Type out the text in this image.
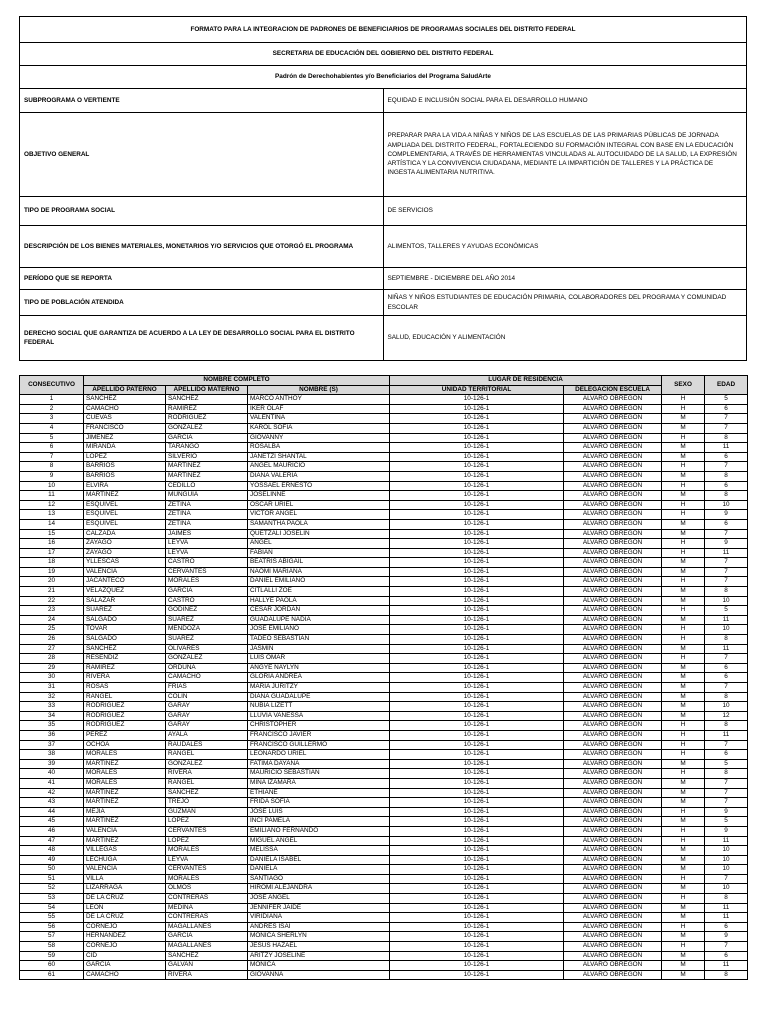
FORMATO PARA LA INTEGRACION DE PADRONES DE BENEFICIARIOS DE PROGRAMAS SOCIALES DEL DISTRITO FEDERAL	
SECRETARIA DE EDUCACIÓN DEL GOBIERNO DEL DISTRITO FEDERAL	
Padrón de Derechohabientes y/o Beneficiarios del Programa SaludArte	
SUBPROGRAMA O VERTIENTE	EQUIDAD E INCLUSIÓN SOCIAL PARA EL DESARROLLO HUMANO
OBJETIVO GENERAL	PREPARAR PARA LA VIDA A NIÑAS Y NIÑOS DE LAS ESCUELAS DE LAS PRIMARIAS PÚBLICAS DE JORNADA AMPLIADA DEL DISTRITO FEDERAL, FORTALECIENDO SU FORMACIÓN INTEGRAL CON BASE EN LA EDUCACIÓN COMPLEMENTARIA, A TRAVÉS DE HERRAMIENTAS VINCULADAS AL AUTOCUIDADO DE LA SALUD, LA EXPRESIÓN ARTÍSTICA Y LA CONVIVENCIA CIUDADANA, MEDIANTE LA IMPARTICIÓN DE TALLERES Y LA PRÁCTICA DE INGESTA ALIMENTARIA NUTRITIVA.
TIPO DE PROGRAMA SOCIAL	DE SERVICIOS
DESCRIPCIÓN DE LOS BIENES MATERIALES, MONETARIOS Y/O SERVICIOS QUE OTORGÓ EL PROGRAMA	ALIMENTOS, TALLERES Y AYUDAS ECONÓMICAS
PERÍODO QUE SE REPORTA	SEPTIEMBRE - DICIEMBRE DEL AÑO 2014
TIPO DE POBLACIÓN ATENDIDA	NIÑAS Y NIÑOS ESTUDIANTES DE EDUCACIÓN PRIMARIA, COLABORADORES DEL PROGRAMA Y COMUNIDAD ESCOLAR
DERECHO SOCIAL QUE GARANTIZA DE ACUERDO A LA LEY DE DESARROLLO SOCIAL PARA EL DISTRITO FEDERAL	SALUD, EDUCACIÓN Y ALIMENTACIÓN
CONSECUTIVO	NOMBRE COMPLETO			LUGAR DE RESIDENCIA		SEXO	EDAD
	APELLIDO PATERNO	APELLIDO MATERNO	NOMBRE (S)	UNIDAD TERRITORIAL	DELEGACION ESCUELA		
1	SANCHEZ	SANCHEZ	MARCO ANTHOY	10-126-1	ALVARO OBREGON	H	5
2	CAMACHO	RAMIREZ	IKER OLAF	10-126-1	ALVARO OBREGON	H	6
3	CUEVAS	RODRIGUEZ	VALENTINA	10-126-1	ALVARO OBREGON	M	7
4	FRANCISCO	GONZALEZ	KAROL SOFIA	10-126-1	ALVARO OBREGON	M	7
5	JIMENEZ	GARCIA	GIOVANNY	10-126-1	ALVARO OBREGON	H	8
6	MIRANDA	TARANGO	ROSALBA	10-126-1	ALVARO OBREGON	M	11
7	LOPEZ	SILVERIO	JANETZI SHANTAL	10-126-1	ALVARO OBREGON	M	6
8	BARRIOS	MARTINEZ	ANGEL MAURICIO	10-126-1	ALVARO OBREGON	H	7
9	BARRIOS	MARTINEZ	DIANA VALERIA	10-126-1	ALVARO OBREGON	M	8
10	ELVIRA	CEDILLO	YOSSAEL ERNESTO	10-126-1	ALVARO OBREGON	H	6
11	MARTINEZ	MUNGUIA	JOSELINNE	10-126-1	ALVARO OBREGON	M	8
12	ESQUIVEL	ZETINA	OSCAR URIEL	10-126-1	ALVARO OBREGON	H	10
13	ESQUIVEL	ZETINA	VICTOR ANGEL	10-126-1	ALVARO OBREGON	H	9
14	ESQUIVEL	ZETINA	SAMANTHA PAOLA	10-126-1	ALVARO OBREGON	M	6
15	CALZADA	JAIMES	QUETZALI JOSELIN	10-126-1	ALVARO OBREGON	M	7
16	ZAYAGO	LEYVA	ANGEL	10-126-1	ALVARO OBREGON	H	9
17	ZAYAGO	LEYVA	FABIAN	10-126-1	ALVARO OBREGON	H	11
18	YLLESCAS	CASTRO	BEATRIS ABIGAIL	10-126-1	ALVARO OBREGON	M	7
19	VALENCIA	CERVANTES	NAOMI MARIANA	10-126-1	ALVARO OBREGON	M	7
20	JACANTECO	MORALES	DANIEL EMILIANO	10-126-1	ALVARO OBREGON	H	7
21	VELAZQUEZ	GARCIA	CITLALLI ZOE	10-126-1	ALVARO OBREGON	M	8
22	SALAZAR	CASTRO	HALLYE PAOLA	10-126-1	ALVARO OBREGON	M	10
23	SUAREZ	GODINEZ	CESAR JORDAN	10-126-1	ALVARO OBREGON	H	5
24	SALGADO	SUAREZ	GUADALUPE NADIA	10-126-1	ALVARO OBREGON	M	11
25	TOVAR	MENDOZA	JOSE EMILIANO	10-126-1	ALVARO OBREGON	H	10
26	SALGADO	SUAREZ	TADEO SEBASTIAN	10-126-1	ALVARO OBREGON	H	8
27	SANCHEZ	OLIVARES	JASMIN	10-126-1	ALVARO OBREGON	M	11
28	RESENDIZ	GONZALEZ	LUIS OMAR	10-126-1	ALVARO OBREGON	H	7
29	RAMIREZ	ORDUÑA	ANGYE NAYLYN	10-126-1	ALVARO OBREGON	M	6
30	RIVERA	CAMACHO	GLORIA ANDREA	10-126-1	ALVARO OBREGON	M	6
31	ROSAS	FRIAS	MARIA JURITZY	10-126-1	ALVARO OBREGON	M	7
32	RANGEL	COLIN	DIANA GUADALUPE	10-126-1	ALVARO OBREGON	M	8
33	RODRIGUEZ	GARAY	NUBIA LIZETT	10-126-1	ALVARO OBREGON	M	10
34	RODRIGUEZ	GARAY	LLUVIA VANESSA	10-126-1	ALVARO OBREGON	M	12
35	RODRIGUEZ	GARAY	CHRISTOPHER	10-126-1	ALVARO OBREGON	H	8
36	PEREZ	AYALA	FRANCISCO JAVIER	10-126-1	ALVARO OBREGON	H	11
37	OCHOA	RAUDALES	FRANCISCO GUILLERMO	10-126-1	ALVARO OBREGON	H	7
38	MORALES	RANGEL	LEONARDO URIEL	10-126-1	ALVARO OBREGON	H	6
39	MARTINEZ	GONZALEZ	FATIMA DAYANA	10-126-1	ALVARO OBREGON	M	5
40	MORALES	RIVERA	MAURICIO SEBASTIAN	10-126-1	ALVARO OBREGON	H	8
41	MORALES	RANGEL	MINA IZAMARA	10-126-1	ALVARO OBREGON	M	7
42	MARTINEZ	SANCHEZ	ETHIANE	10-126-1	ALVARO OBREGON	M	7
43	MARTINEZ	TREJO	FRIDA SOFIA	10-126-1	ALVARO OBREGON	M	7
44	MEJIA	GUZMAN	JOSE LUIS	10-126-1	ALVARO OBREGON	H	9
45	MARTINEZ	LOPEZ	INCI PAMELA	10-126-1	ALVARO OBREGON	M	5
46	VALENCIA	CERVANTES	EMILIANO FERNANDO	10-126-1	ALVARO OBREGON	H	9
47	MARTINEZ	LOPEZ	MIGUEL ANGEL	10-126-1	ALVARO OBREGON	H	11
48	VILLEGAS	MORALES	MELISSA	10-126-1	ALVARO OBREGON	M	10
49	LECHUGA	LEYVA	DANIELA ISABEL	10-126-1	ALVARO OBREGON	M	10
50	VALENCIA	CERVANTES	DANIELA	10-126-1	ALVARO OBREGON	M	10
51	VILLA	MORALES	SANTIAGO	10-126-1	ALVARO OBREGON	H	7
52	LIZARRAGA	OLMOS	HIROMI ALEJANDRA	10-126-1	ALVARO OBREGON	M	10
53	DE LA CRUZ	CONTRERAS	JOSE ANGEL	10-126-1	ALVARO OBREGON	H	8
54	LEON	MEDINA	JENNIFER JAIDE	10-126-1	ALVARO OBREGON	M	11
55	DE LA CRUZ	CONTRERAS	VIRIDIANA	10-126-1	ALVARO OBREGON	M	11
56	CORNEJO	MAGALLANES	ANDRES ISAI	10-126-1	ALVARO OBREGON	H	6
57	HERNANDEZ	GARCIA	MONICA SHERLYN	10-126-1	ALVARO OBREGON	M	9
58	CORNEJO	MAGALLANES	JESUS HAZAEL	10-126-1	ALVARO OBREGON	H	7
59	CID	SANCHEZ	ARITZY JOSELINE	10-126-1	ALVARO OBREGON	M	6
60	GARCIA	GALVAN	MONICA	10-126-1	ALVARO OBREGON	M	11
61	CAMACHO	RIVERA	GIOVANNA	10-126-1	ALVARO OBREGON	M	8
